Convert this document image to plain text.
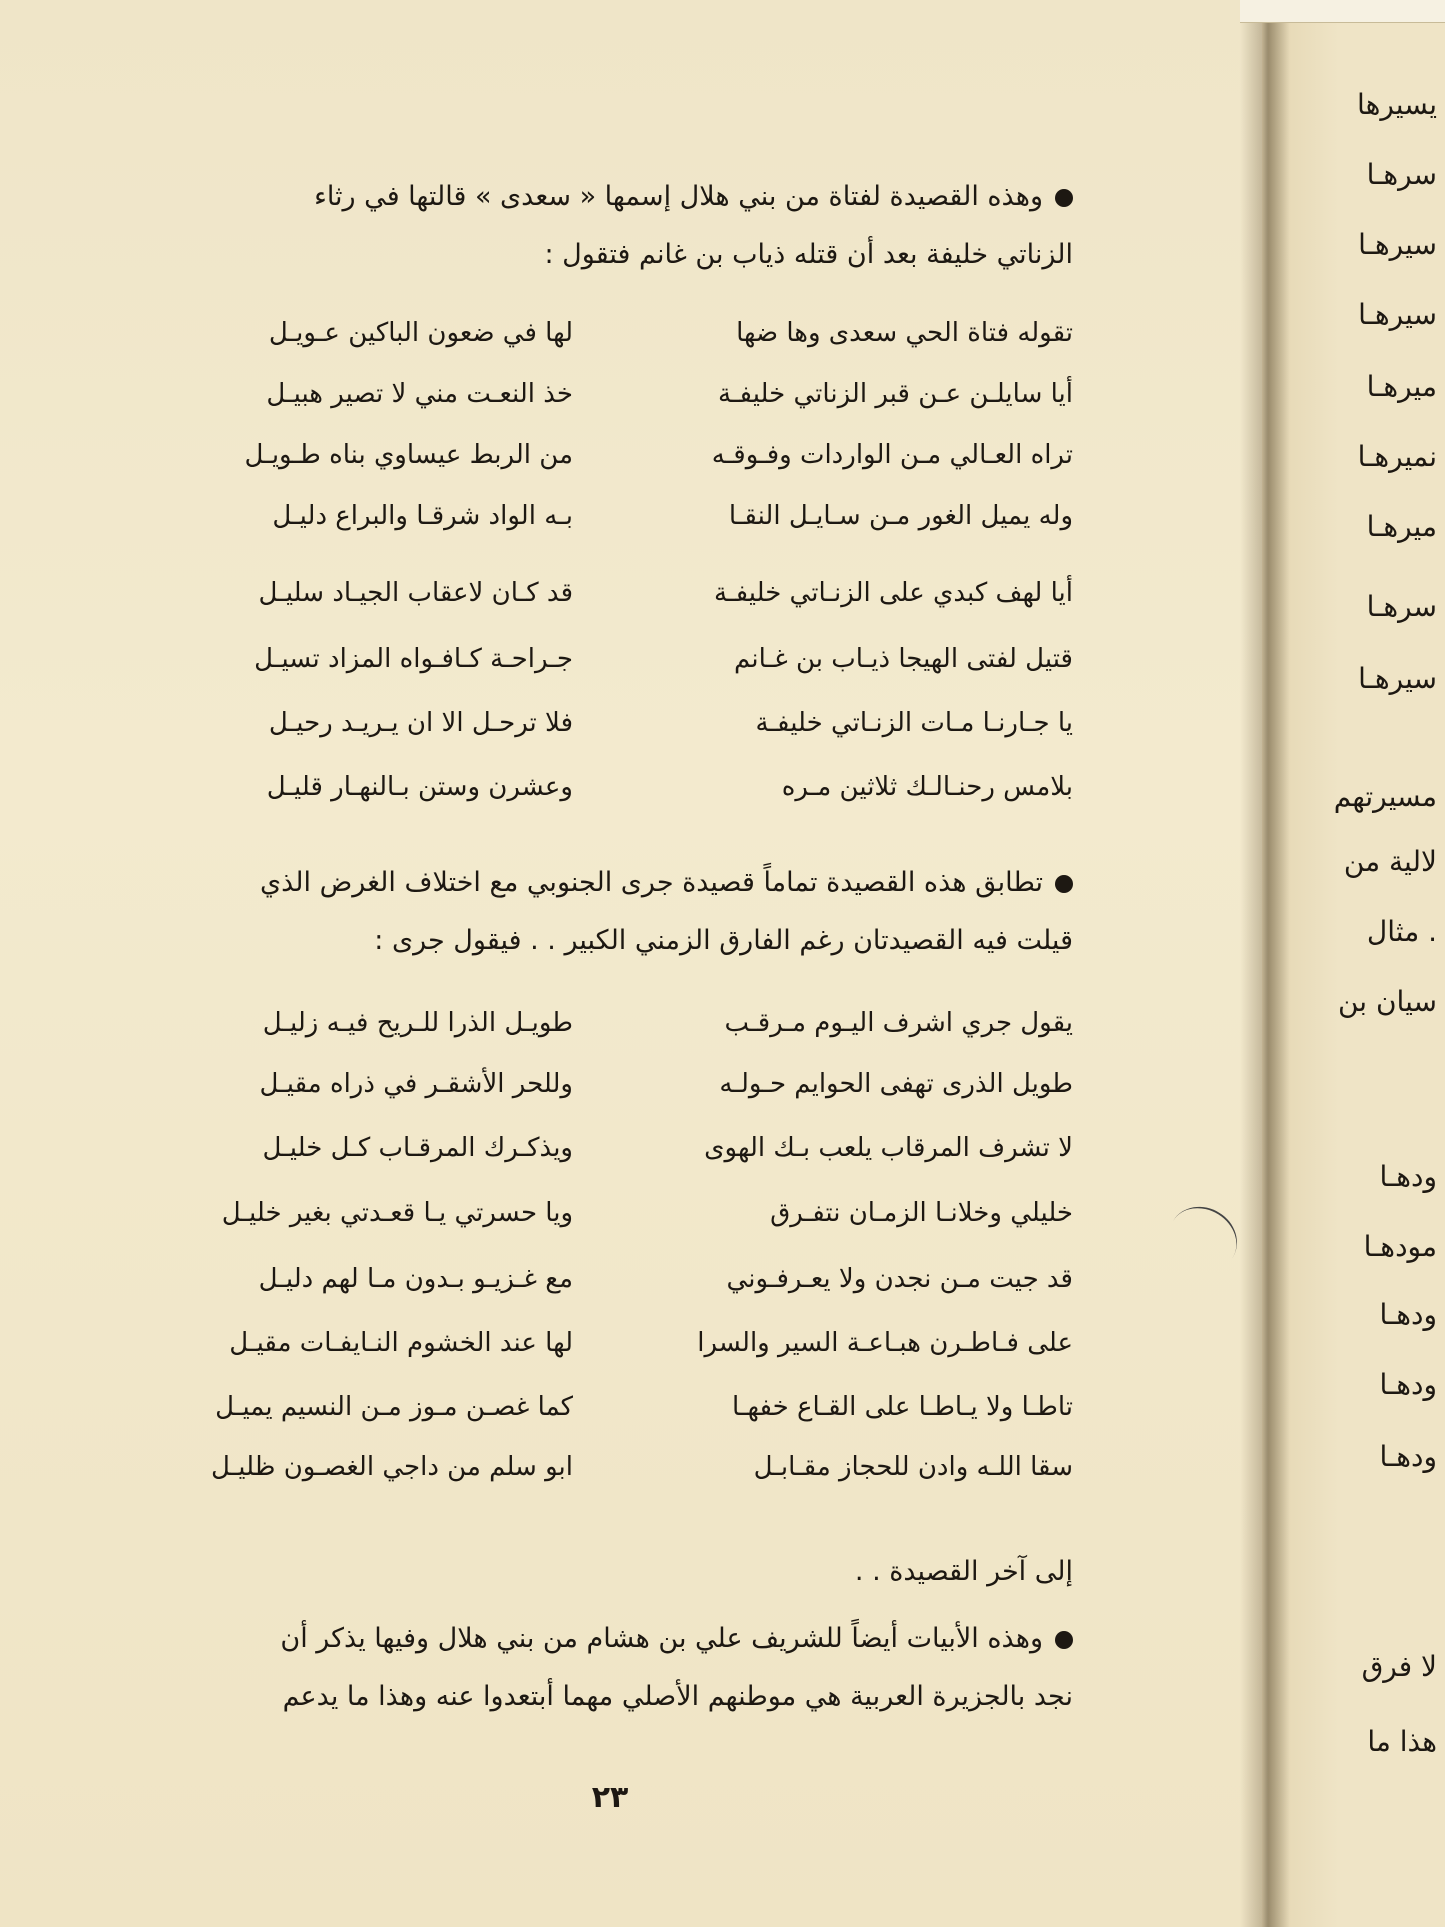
يسيرها
سرهـا
سيرهـا
سيرهـا
ميرهـا
نميرهـا
ميرهـا
سرهـا
سيرهـا
مسيرتهم
لالية من
. مثال
سيان بن
ودهـا
مودهـا
ودهـا
ودهـا
ودهـا
لا فرق
هذا ما
وهذه القصيدة لفتاة من بني هلال إسمها « سعدى » قالتها في رثاء
الزناتي خليفة بعد أن قتله ذياب بن غانم فتقول :
تقوله فتاة الحي سعدى وها ضها
لها في ضعون الباكين عـويـل
أيا سايلـن عـن قبر الزناتي خليفـة
خذ النعـت مني لا تصير هبيـل
تراه العـالي مـن الواردات وفـوقـه
من الربط عيساوي بناه طـويـل
وله يميل الغور مـن سـايـل النقـا
بـه الواد شرقـا والبراع دليـل
أيا لهف كبدي على الزنـاتي خليفـة
قد كـان لاعقاب الجيـاد سليـل
قتيل لفتى الهيجا ذيـاب بن غـانم
جـراحـة كـافـواه المزاد تسيـل
يا جـارنـا مـات الزنـاتي خليفـة
فلا ترحـل الا ان يـريـد رحيـل
بلامس رحنـالـك ثلاثين مـره
وعشرن وستن بـالنهـار قليـل
تطابق هذه القصيدة تماماً قصيدة جرى الجنوبي مع اختلاف الغرض الذي
قيلت فيه القصيدتان رغم الفارق الزمني الكبير . . فيقول جرى :
يقول جري اشرف اليـوم مـرقـب
طويـل الذرا للـريح فيـه زليـل
طويل الذرى تهفى الحوايم حـولـه
وللحر الأشقـر في ذراه مقيـل
لا تشرف المرقاب يلعب بـك الهوى
ويذكـرك المرقـاب كـل خليـل
خليلي وخلانـا الزمـان نتفـرق
ويا حسرتي يـا قعـدتي بغير خليـل
قد جيت مـن نجدن ولا يعـرفـوني
مع غـزيـو بـدون مـا لهم دليـل
على فـاطـرن هبـاعـة السير والسرا
لها عند الخشوم النـايفـات مقيـل
تاطـا ولا يـاطـا على القـاع خفهـا
كما غصـن مـوز مـن النسيم يميـل
سقا اللـه وادن للحجاز مقـابـل
ابو سلم من داجي الغصـون ظليـل
إلى آخر القصيدة . .
وهذه الأبيات أيضاً للشريف علي بن هشام من بني هلال وفيها يذكر أن
نجد بالجزيرة العربية هي موطنهم الأصلي مهما أبتعدوا عنه وهذا ما يدعم
٢٣
